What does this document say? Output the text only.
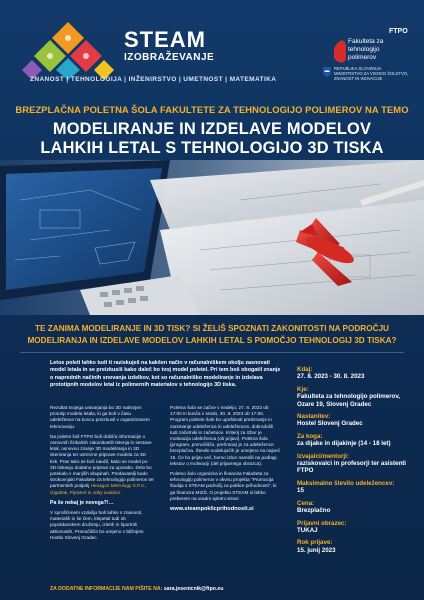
STEAM
IZOBRAŽEVANJE
ZNANOST | TEHNOLOGIJA | INŽENIRSTVO | UMETNOST | MATEMATIKA
FTPO
Fakulteta za
tehnologijo
polimerov
REPUBLIKA SLOVENIJA
MINISTRSTVO ZA VISOKO ŠOLSTVO,
ZNANOST IN INOVACIJE
BREZPLAČNA POLETNA ŠOLA FAKULTETE ZA TEHNOLOGIJO POLIMEROV NA TEMO
MODELIRANJE IN IZDELAVE MODELOV
LAHKIH LETAL S TEHNOLOGIJO 3D TISKA
TE ZANIMA MODELIRANJE IN 3D TISK? SI ŽELIŠ SPOZNATI ZAKONITOSTI NA PODROČJU MODELIRANJA IN IZDELAVE MODELOV LAHKIH LETAL S POMOČJO TEHNOLOGIJ 3D TISKA?
Letos poleti lahko tudi ti raziskuješ na kakšen način v računalniškem okolju zasnovati model letala in se preizkusiš kako daleč bo tvoj model poletel. Pri tem boš obogatil znanje o naprednih načinih snovanja izdelkov, kot so računalniško modeliranje in izdelava prototipnih modelov letal iz polimernih materialov s tehnologijo 3D tiska.

Rezultat tvojega ustvarjanja bo 3D natisnjen prototip modela letala, ki ga boš v času udeležence na koncu preizkusil v organiziranem tekmovanju.

Na poletni šoli FTPO boš dobil/a informacije o osnovnih fizikalnih zakonitostih letenja in sestave letal, osnovno znanje 3D modeliranja in 3D skeniranja ter ustrezne priprave modela za 3D tisk. Prav tako se boš naučil, kako se model po 3D tiskanju dodatno pripravi za uporabo. Delo bo potekalo v manjših skupinah. Predavatelji bodo strokovnjaki Fakultete za tehnologijo polimerov ter partnerskih podjetij Hexagon Metrology S.P.A., Gigatlak, Pipistrel in Joby aviation.

Pa še nekaj je novega?!…

V sproščenem vzdušju boš lahko s znanosti, materialih in še čem, klepetal tudi ob popoldanskem druženju, izletih in športnih aktivnostih. Prenočišče bo urejeno v bližnjem Hostlu Slovenj Gradec.

Poletna šola se začne v nedeljo, 27. 8. 2023 ob 17:00 in konča v sredo, 30. 8. 2023 ob 17:00. Program poletne šole bo upošteval predznanje in zanimanje udeleženca in udeležencev, dobrodošli tudi začetniki in začetnice. Kriterij za izbor je motivacija udeleženca (ob prijavi). Poletna šola (program, prenočišče, prehrana) je za udeležence brezplačna. Število sodelujočih je omejeno na največ 15. Če bo prijav več, bomo izbor naredili na podlagi tekstov o motivaciji (del prijavnega obrazca).

Poletno šolo organizira in financira Fakulteta za tehnologijo polimerov v okviru projekta "Promocija študija s STEAM področij za poklice prihodnosti", ki ga financira MIZŠ. O projektu STEAM si lahko preberete na uradni spletni strani

www.steampoklicprihodnosti.si

Kdaj:
27. 8. 2023 - 30. 8. 2023
Kje:
Fakulteta za tehnologijo polimerov, Ozare 19, Slovenj Gradec
Nastanitev:
Hostel Slovenj Gradec
Za koga:
za dijake in dijakinje (14 - 18 let)
Izvajalci/mentorji:
raziskovalci in profesorji ter asistenti FTPO
Maksimalno število udeležencev:
15
Cena:
Brezplačno
Prijavni obrazec:
TUKAJ
Rok prijave:
15. junij 2023
ZA DODATNE INFORMACIJE NAM PIŠITE NA: sara.jesenicnik@ftpo.eu
